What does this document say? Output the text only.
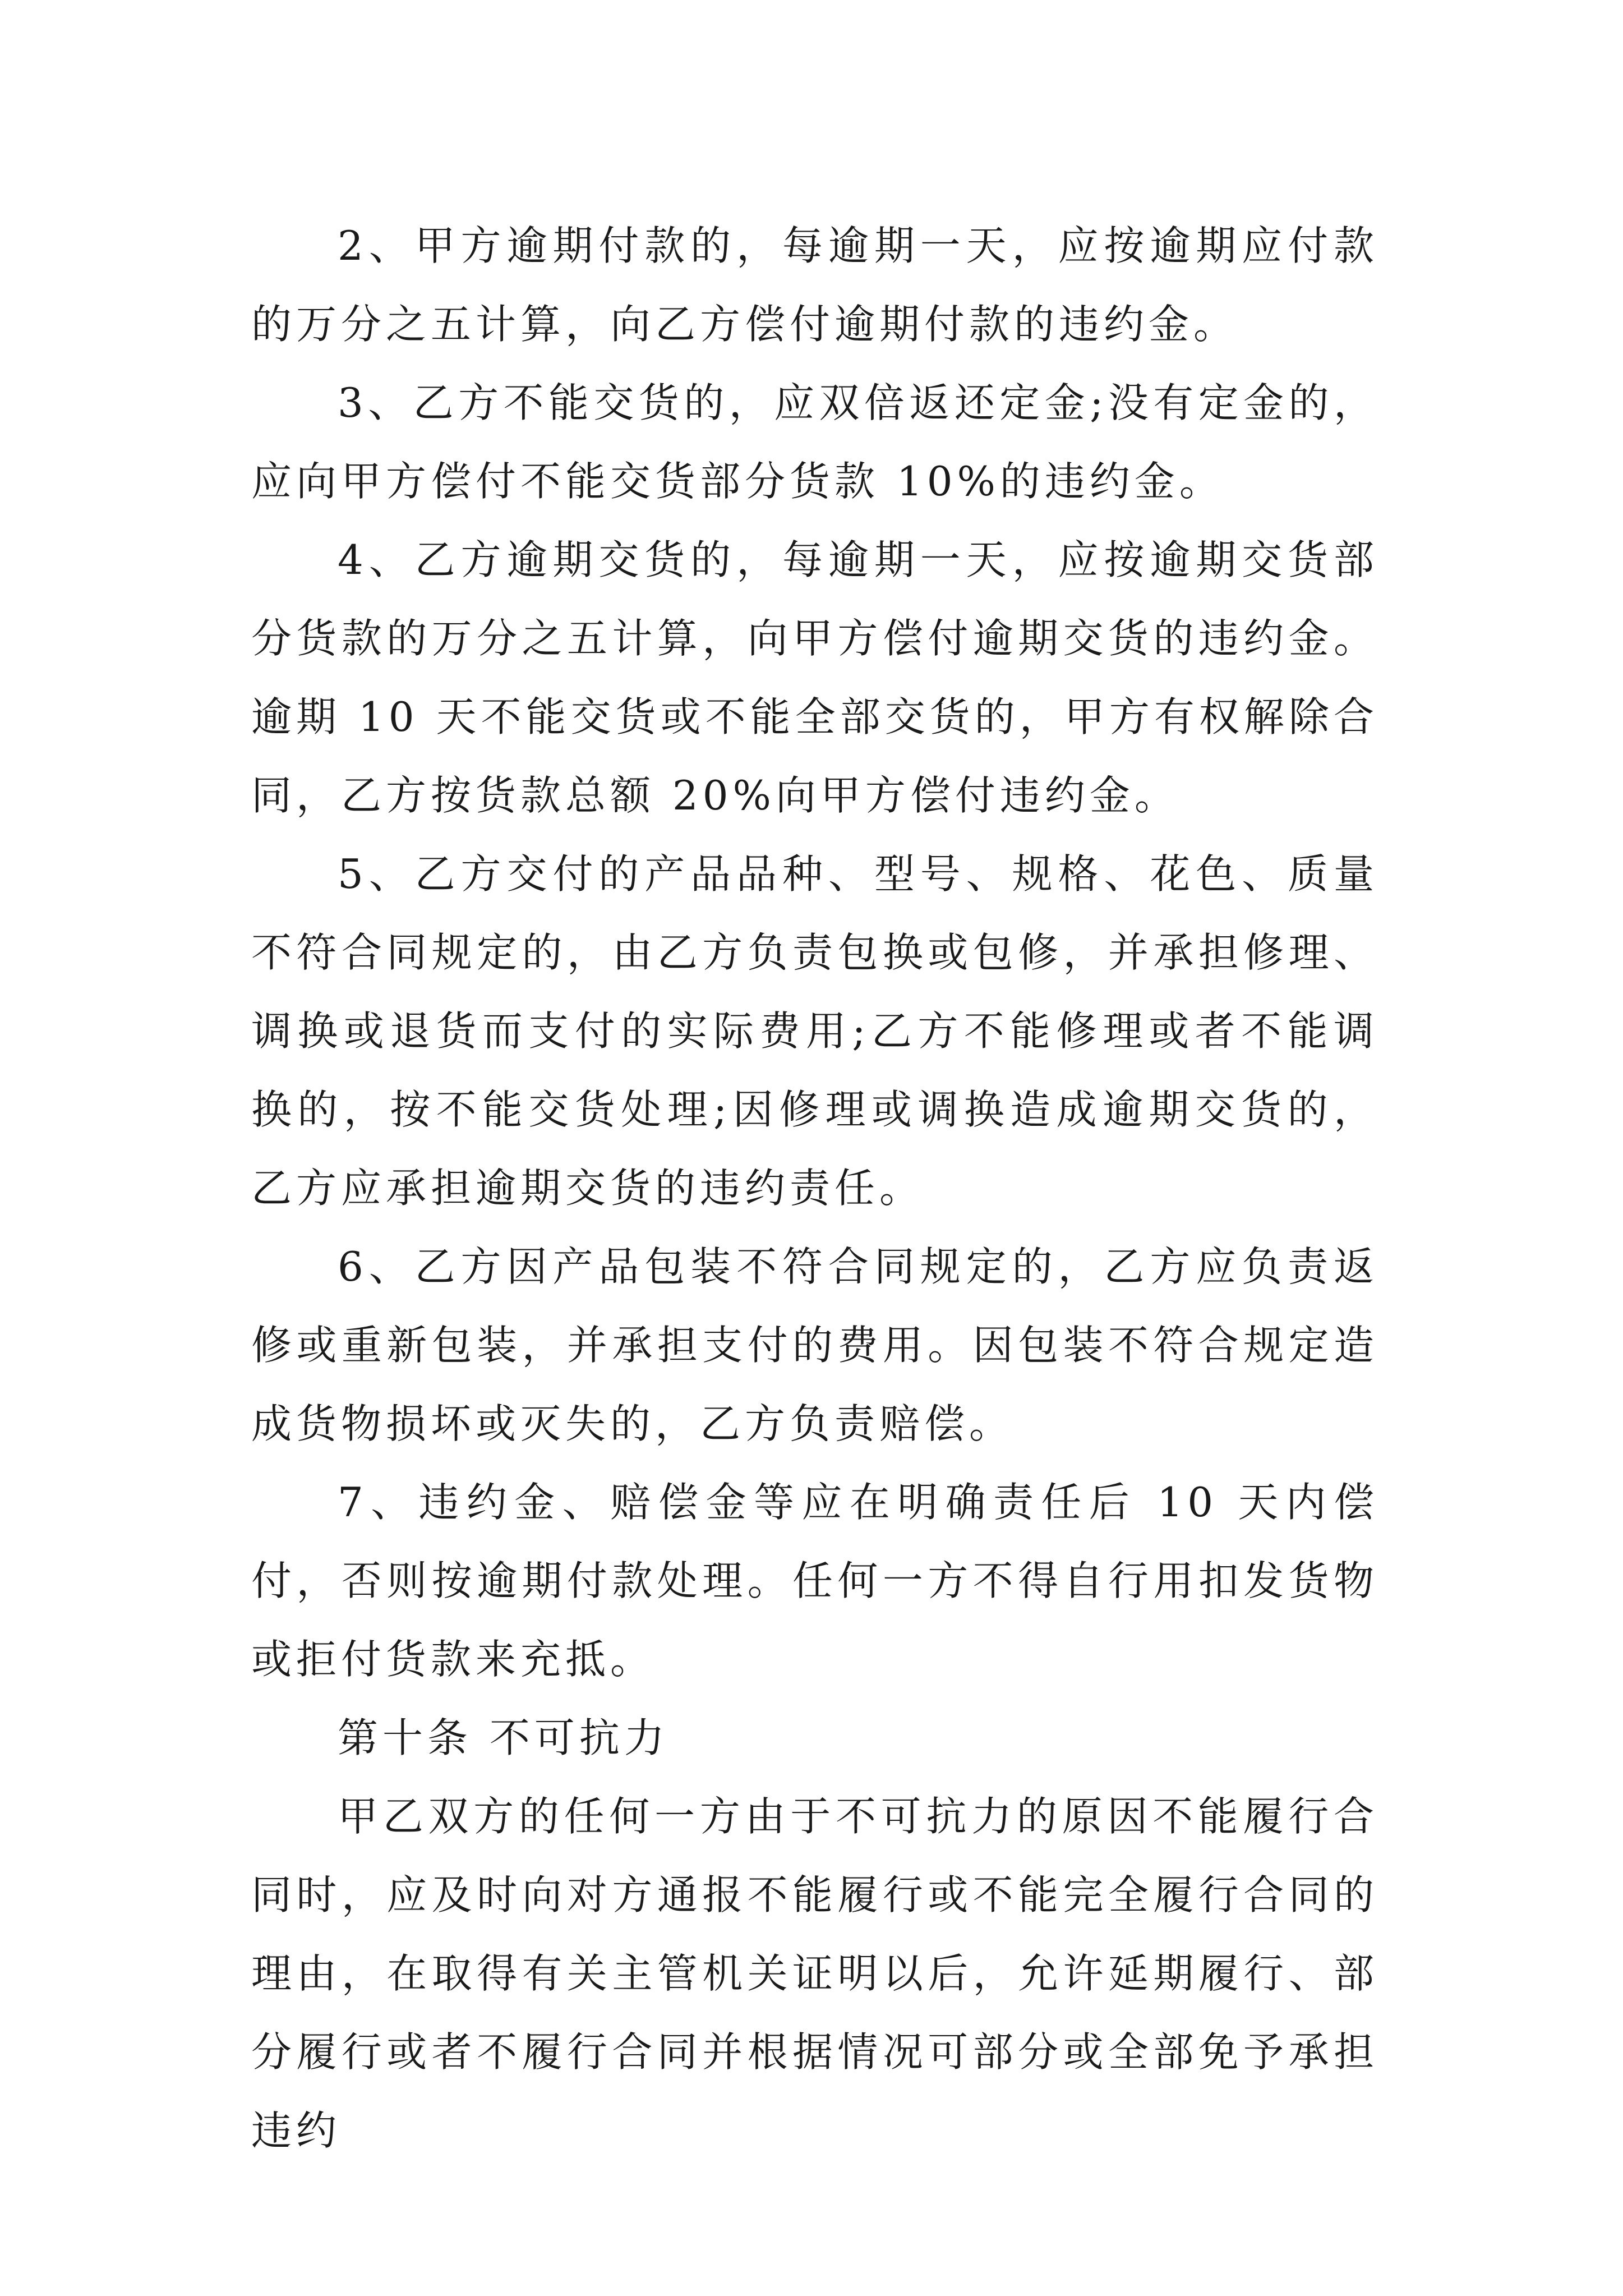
2、甲方逾期付款的，每逾期一天，应按逾期应付款的万分之五计算，向乙方偿付逾期付款的违约金。

3、乙方不能交货的，应双倍返还定金;没有定金的，应向甲方偿付不能交货部分货款 10%的违约金。

4、乙方逾期交货的，每逾期一天，应按逾期交货部分货款的万分之五计算，向甲方偿付逾期交货的违约金。逾期 10 天不能交货或不能全部交货的，甲方有权解除合同，乙方按货款总额 20%向甲方偿付违约金。

5、乙方交付的产品品种、型号、规格、花色、质量不符合同规定的，由乙方负责包换或包修，并承担修理、调换或退货而支付的实际费用;乙方不能修理或者不能调换的，按不能交货处理;因修理或调换造成逾期交货的，乙方应承担逾期交货的违约责任。

6、乙方因产品包装不符合同规定的，乙方应负责返修或重新包装，并承担支付的费用。因包装不符合规定造成货物损坏或灭失的，乙方负责赔偿。

7、违约金、赔偿金等应在明确责任后 10 天内偿付，否则按逾期付款处理。任何一方不得自行用扣发货物或拒付货款来充抵。

第十条 不可抗力

甲乙双方的任何一方由于不可抗力的原因不能履行合同时，应及时向对方通报不能履行或不能完全履行合同的理由，在取得有关主管机关证明以后，允许延期履行、部分履行或者不履行合同并根据情况可部分或全部免予承担违约
